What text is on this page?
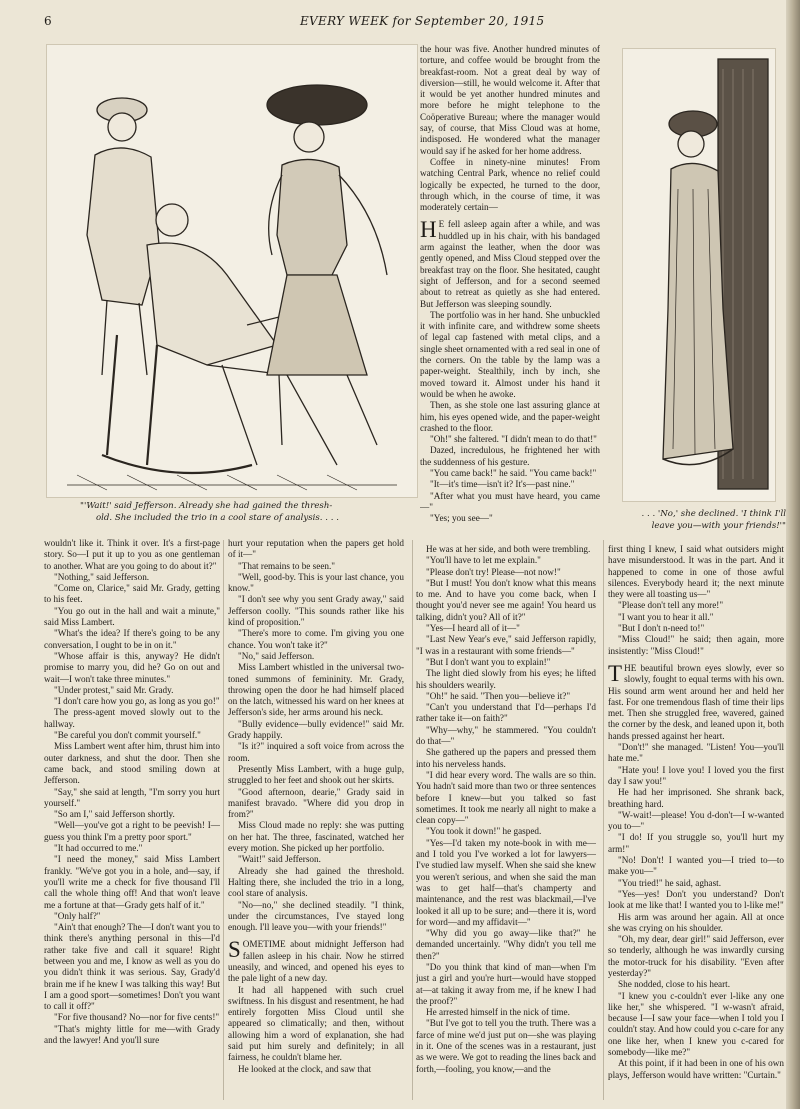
6	EVERY WEEK for September 20, 1915
"'Wait!' said Jefferson. Already she had gained the thresh-
old. She included the trio in a cool stare of analysis. . . .	. . . 'No,' she declined. 'I think I'll
leave you—with your friends!'"

the hour was five. Another hundred minutes of torture, and coffee would be brought from the breakfast-room. Not a great deal by way of diversion—still, he would welcome it. After that it would be yet another hundred minutes and more before he might telephone to the Coöperative Bureau; where the manager would say, of course, that Miss Cloud was at home, indisposed. He wondered what the manager would say if he asked for her home address.

Coffee in ninety-nine minutes! From watching Central Park, whence no relief could logically be expected, he turned to the door, through which, in the course of time, it was moderately certain—

H E fell asleep again after a while, and was huddled up in his chair, with his bandaged arm against the leather, when the door was gently opened, and Miss Cloud stepped over the breakfast tray on the floor. She hesitated, caught sight of Jefferson, and for a second seemed about to retreat as quietly as she had entered. But Jefferson was sleeping soundly.

The portfolio was in her hand. She unbuckled it with infinite care, and withdrew some sheets of legal cap fastened with metal clips, and a single sheet ornamented with a red seal in one of the corners. On the table by the lamp was a paper-weight. Stealthily, inch by inch, she moved toward it. Almost under his hand it would be when he awoke.

Then, as she stole one last assuring glance at him, his eyes opened wide, and the paper-weight crashed to the floor.

"Oh!" she faltered. "I didn't mean to do that!"

Dazed, incredulous, he frightened her with the suddenness of his gesture.

"You came back!" he said. "You came back!"

"It—it's time—isn't it? It's—past nine."

"After what you must have heard, you came—"

"Yes; you see—"

wouldn't like it. Think it over. It's a first-page story. So—I put it up to you as one gentleman to another. What are you going to do about it?"

"Nothing," said Jefferson.

"Come on, Clarice," said Mr. Grady, getting to his feet.

"You go out in the hall and wait a minute," said Miss Lambert.

"What's the idea? If there's going to be any conversation, I ought to be in on it."

"Whose affair is this, anyway? He didn't promise to marry you, did he? Go on out and wait—I won't take three minutes."

"Under protest," said Mr. Grady.

"I don't care how you go, as long as you go!"

The press-agent moved slowly out to the hallway.

"Be careful you don't commit yourself."

Miss Lambert went after him, thrust him into outer darkness, and shut the door. Then she came back, and stood smiling down at Jefferson.

"Say," she said at length, "I'm sorry you hurt yourself."

"So am I," said Jefferson shortly.

"Well—you've got a right to be peevish! I—guess you think I'm a pretty poor sport."

"It had occurred to me."

"I need the money," said Miss Lambert frankly. "We've got you in a hole, and—say, if you'll write me a check for five thousand I'll call the whole thing off! And that won't leave me a fortune at that—Grady gets half of it."

"Only half?"

"Ain't that enough? The—I don't want you to think there's anything personal in this—I'd rather take five and call it square! Right between you and me, I know as well as you do you didn't think it was serious. Say, Grady'd brain me if he knew I was talking this way! But I am a good sport—sometimes! Don't you want to call it off?"

"For five thousand? No—nor for five cents!"

"That's mighty little for me—with Grady and the lawyer! And you'll sure

hurt your reputation when the papers get hold of it—"

"That remains to be seen."

"Well, good-by. This is your last chance, you know."

"I don't see why you sent Grady away," said Jefferson coolly. "This sounds rather like his kind of proposition."

"There's more to come. I'm giving you one chance. You won't take it?"

"No," said Jefferson.

Miss Lambert whistled in the universal two-toned summons of femininity. Mr. Grady, throwing open the door he had himself placed on the latch, witnessed his ward on her knees at Jefferson's side, her arms around his neck.

"Bully evidence—bully evidence!" said Mr. Grady happily.

"Is it?" inquired a soft voice from across the room.

Presently Miss Lambert, with a huge gulp, struggled to her feet and shook out her skirts.

"Good afternoon, dearie," Grady said in manifest bravado. "Where did you drop in from?"

Miss Cloud made no reply: she was putting on her hat. The three, fascinated, watched her every motion. She picked up her portfolio.

"Wait!" said Jefferson.

Already she had gained the threshold. Halting there, she included the trio in a long, cool stare of analysis.

"No—no," she declined steadily. "I think, under the circumstances, I've stayed long enough. I'll leave you—with your friends!"

SOMETIME about midnight Jefferson had fallen asleep in his chair. Now he stirred uneasily, and winced, and opened his eyes to the pale light of a new day.

It had all happened with such cruel swiftness. In his disgust and resentment, he had entirely forgotten Miss Cloud until she appeared so climatically; and then, without allowing him a word of explanation, she had said put him surely and definitely; in all fairness, he couldn't blame her.

He looked at the clock, and saw that

He was at her side, and both were trembling.

"You'll have to let me explain."

"Please don't try! Please—not now!"

"But I must! You don't know what this means to me. And to have you come back, when I thought you'd never see me again! You heard us talking, didn't you? All of it?"

"Yes—I heard all of it—"

"Last New Year's eve," said Jefferson rapidly, "I was in a restaurant with some friends—"

"But I don't want you to explain!"

The light died slowly from his eyes; he lifted his shoulders wearily.

"Oh!" he said. "Then you—believe it?"

"Can't you understand that I'd—perhaps I'd rather take it—on faith?"

"Why—why," he stammered. "You couldn't do that—"

She gathered up the papers and pressed them into his nerveless hands.

"I did hear every word. The walls are so thin. You hadn't said more than two or three sentences before I knew—but you talked so fast sometimes. It took me nearly all night to make a clean copy—"

"You took it down!" he gasped.

"Yes—I'd taken my note-book in with me—and I told you I've worked a lot for lawyers—I've studied law myself. When she said she knew you weren't serious, and when she said the man was to get half—that's champerty and maintenance, and the rest was blackmail,—I've looked it all up to be sure; and—there it is, word for word—and my affidavit—"

"Why did you go away—like that?" he demanded uncertainly. "Why didn't you tell me then?"

"Do you think that kind of man—when I'm just a girl and you're hurt—would have stopped at—at taking it away from me, if he knew I had the proof?"

He arrested himself in the nick of time.

"But I've got to tell you the truth. There was a farce of mine we'd just put on—she was playing in it. One of the scenes was in a restaurant, just as we were. We got to reading the lines back and forth,—fooling, you know,—and the

first thing I knew, I said what outsiders might have misunderstood. It was in the part. And it happened to come in one of those awful silences. Everybody heard it; the next minute they were all toasting us—"

"Please don't tell any more!"

"I want you to hear it all."

"But I don't n-need to!"

"Miss Cloud!" he said; then again, more insistently: "Miss Cloud!"

THE beautiful brown eyes slowly, ever so slowly, fought to equal terms with his own. His sound arm went around her and held her fast. For one tremendous flash of time their lips met. Then she struggled free, wavered, gained the corner by the desk, and leaned upon it, both hands pressed against her heart.

"Don't!" she managed. "Listen! You—you'll hate me."

"Hate you! I love you! I loved you the first day I saw you!"

He had her imprisoned. She shrank back, breathing hard.

"W-wait!—please! You d-don't—I w-wanted you to—"

"I do! If you struggle so, you'll hurt my arm!"

"No! Don't! I wanted you—I tried to—to make you—"

"You tried!" he said, aghast.

"Yes—yes! Don't you understand? Don't look at me like that! I wanted you to l-like me!"

His arm was around her again. All at once she was crying on his shoulder.

"Oh, my dear, dear girl!" said Jefferson, ever so tenderly, although he was inwardly cursing the motor-truck for his disability. "Even after yesterday?"

She nodded, close to his heart.

"I knew you c-couldn't ever l-like any one like her," she whispered. "I w-wasn't afraid, because I—I saw your face—when I told you I couldn't stay. And how could you c-care for any one like her, when I knew you c-cared for somebody—like me?"

At this point, if it had been in one of his own plays, Jefferson would have written: "Curtain."
